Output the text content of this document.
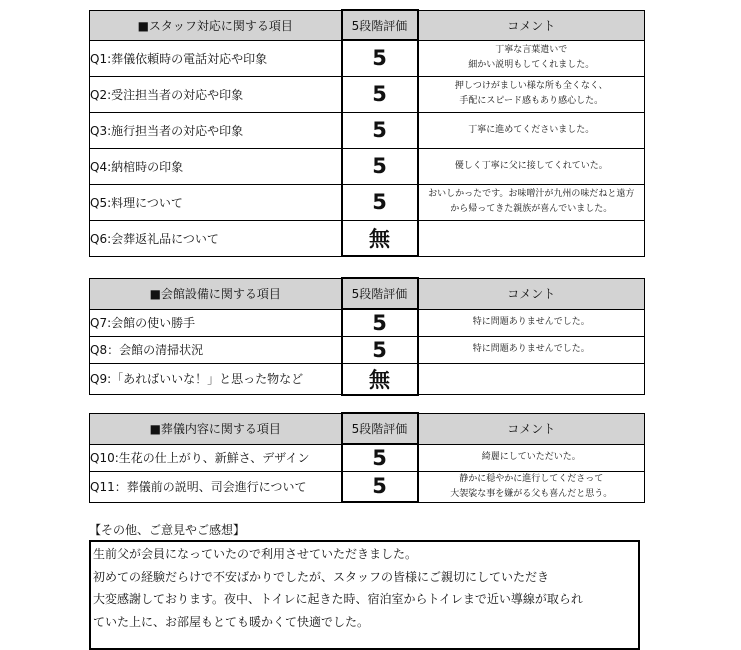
■スタッフ対応に関する項目	5段階評価	コメント
Q1:葬儀依頼時の電話対応や印象	5	丁寧な言葉遣いで
細かい説明もしてくれました。

Q2:受注担当者の対応や印象	5	押しつけがましい様な所も全くなく、
手配にスピード感もあり感心した。

Q3:施行担当者の対応や印象	5	丁寧に進めてくださいました。

Q4:納棺時の印象	5	優しく丁寧に父に接してくれていた。

Q5:料理について	5	おいしかったです。お味噌汁が九州の味だねと遠方
から帰ってきた親族が喜んでいました。

Q6:会葬返礼品について	無	
■会館設備に関する項目	5段階評価	コメント
Q7:会館の使い勝手	5	特に問題ありませんでした。

Q8：会館の清掃状況	5	特に問題ありませんでした。

Q9:「あればいいな！」と思った物など	無	
■葬儀内容に関する項目	5段階評価	コメント
Q10:生花の仕上がり、新鮮さ、デザイン	5	綺麗にしていただいた。

Q11：葬儀前の説明、司会進行について	5	静かに穏やかに進行してくださって
大袈裟な事を嫌がる父も喜んだと思う。
【その他、ご意見やご感想】
生前父が会員になっていたので利用させていただきました。
初めての経験だらけで不安ばかりでしたが、スタッフの皆様にご親切にしていただき
大変感謝しております。夜中、トイレに起きた時、宿泊室からトイレまで近い導線が取られ
ていた上に、お部屋もとても暖かくて快適でした。
